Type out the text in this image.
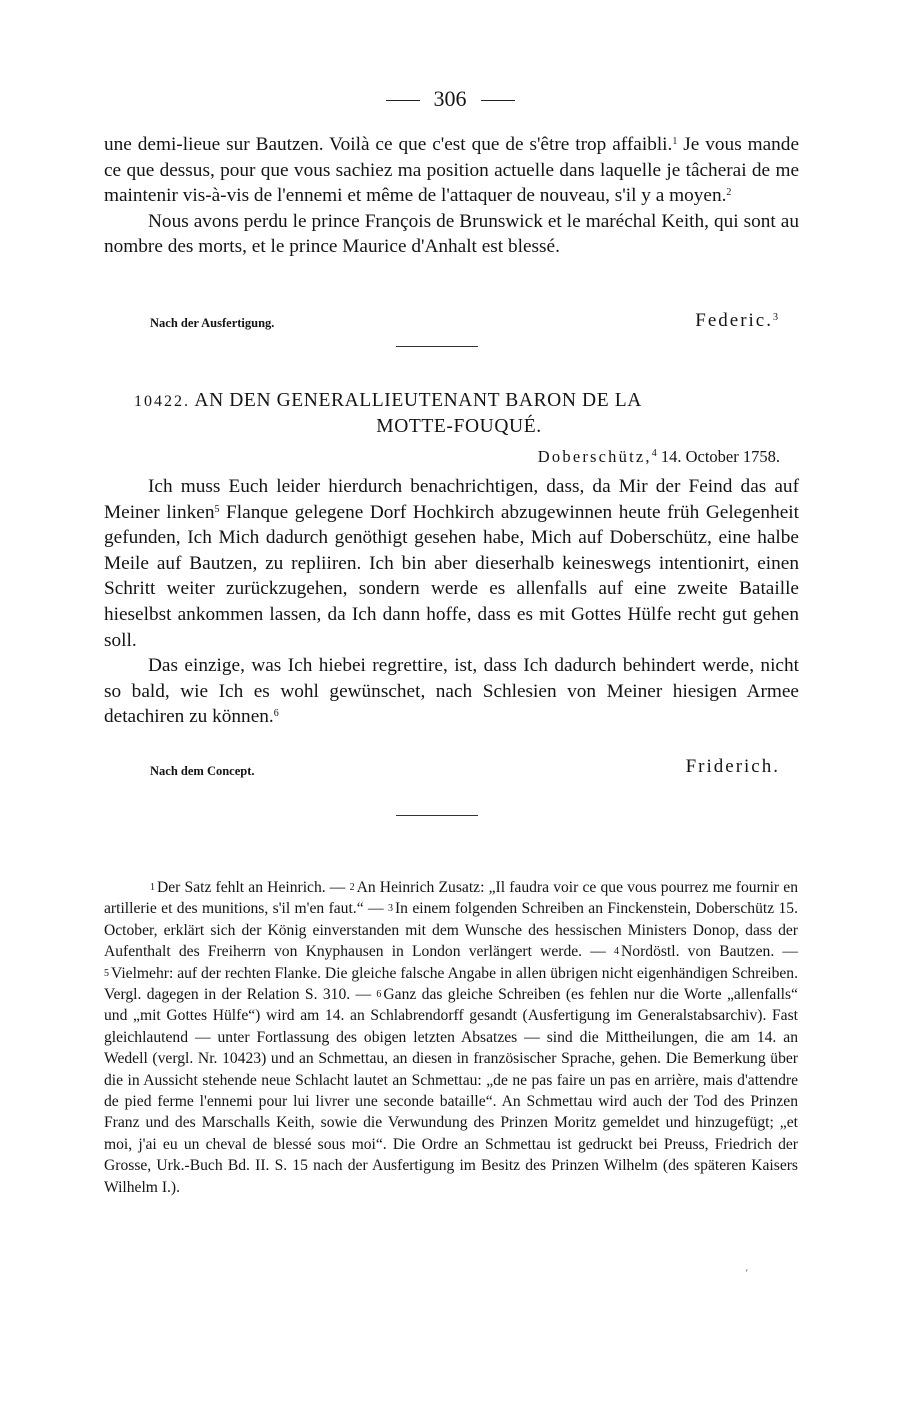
306

une demi-lieue sur Bautzen. Voilà ce que c'est que de s'être trop affaibli.$^1$ Je vous mande ce que dessus, pour que vous sachiez ma position actuelle dans laquelle je tâcherai de me maintenir vis-à-vis de l'ennemi et même de l'attaquer de nouveau, s'il y a moyen.$^2$

Nous avons perdu le prince François de Brunswick et le maréchal Keith, qui sont au nombre des morts, et le prince Maurice d'Anhalt est blessé.

Nach der Ausfertigung.	Federic.$^3$
10422. AN DEN GENERALLIEUTENANT BARON DE LA
MOTTE-FOUQUÉ.
Doberschütz,$^4$ 14. October 1758.

Ich muss Euch leider hierdurch benachrichtigen, dass, da Mir der Feind das auf Meiner linken$^5$ Flanque gelegene Dorf Hochkirch abzugewinnen heute früh Gelegenheit gefunden, Ich Mich dadurch genöthigt gesehen habe, Mich auf Doberschütz, eine halbe Meile auf Bautzen, zu repliiren. Ich bin aber dieserhalb keineswegs intentionirt, einen Schritt weiter zurückzugehen, sondern werde es allenfalls auf eine zweite Bataille hieselbst ankommen lassen, da Ich dann hoffe, dass es mit Gottes Hülfe recht gut gehen soll.

Das einzige, was Ich hiebei regrettire, ist, dass Ich dadurch behindert werde, nicht so bald, wie Ich es wohl gewünschet, nach Schlesien von Meiner hiesigen Armee detachiren zu können.$^6$

Nach dem Concept.	Friderich.

1 Der Satz fehlt an Heinrich. — 2 An Heinrich Zusatz: „Il faudra voir ce que vous pourrez me fournir en artillerie et des munitions, s'il m'en faut.“ — 3 In einem folgenden Schreiben an Finckenstein, Doberschütz 15. October, erklärt sich der König einverstanden mit dem Wunsche des hessischen Ministers Donop, dass der Aufenthalt des Freiherrn von Knyphausen in London verlängert werde. — 4 Nordöstl. von Bautzen. — 5 Vielmehr: auf der rechten Flanke. Die gleiche falsche Angabe in allen übrigen nicht eigenhändigen Schreiben. Vergl. dagegen in der Relation S. 310. — 6 Ganz das gleiche Schreiben (es fehlen nur die Worte „allenfalls“ und „mit Gottes Hülfe“) wird am 14. an Schlabrendorff gesandt (Ausfertigung im Generalstabsarchiv). Fast gleichlautend — unter Fortlassung des obigen letzten Absatzes — sind die Mittheilungen, die am 14. an Wedell (vergl. Nr. 10423) und an Schmettau, an diesen in französischer Sprache, gehen. Die Bemerkung über die in Aussicht stehende neue Schlacht lautet an Schmettau: „de ne pas faire un pas en arrière, mais d'attendre de pied ferme l'ennemi pour lui livrer une seconde bataille“. An Schmettau wird auch der Tod des Prinzen Franz und des Marschalls Keith, sowie die Verwundung des Prinzen Moritz gemeldet und hinzugefügt; „et moi, j'ai eu un cheval de blessé sous moi“. Die Ordre an Schmettau ist gedruckt bei Preuss, Friedrich der Grosse, Urk.-Buch Bd. II. S. 15 nach der Ausfertigung im Besitz des Prinzen Wilhelm (des späteren Kaisers Wilhelm I.).

'
